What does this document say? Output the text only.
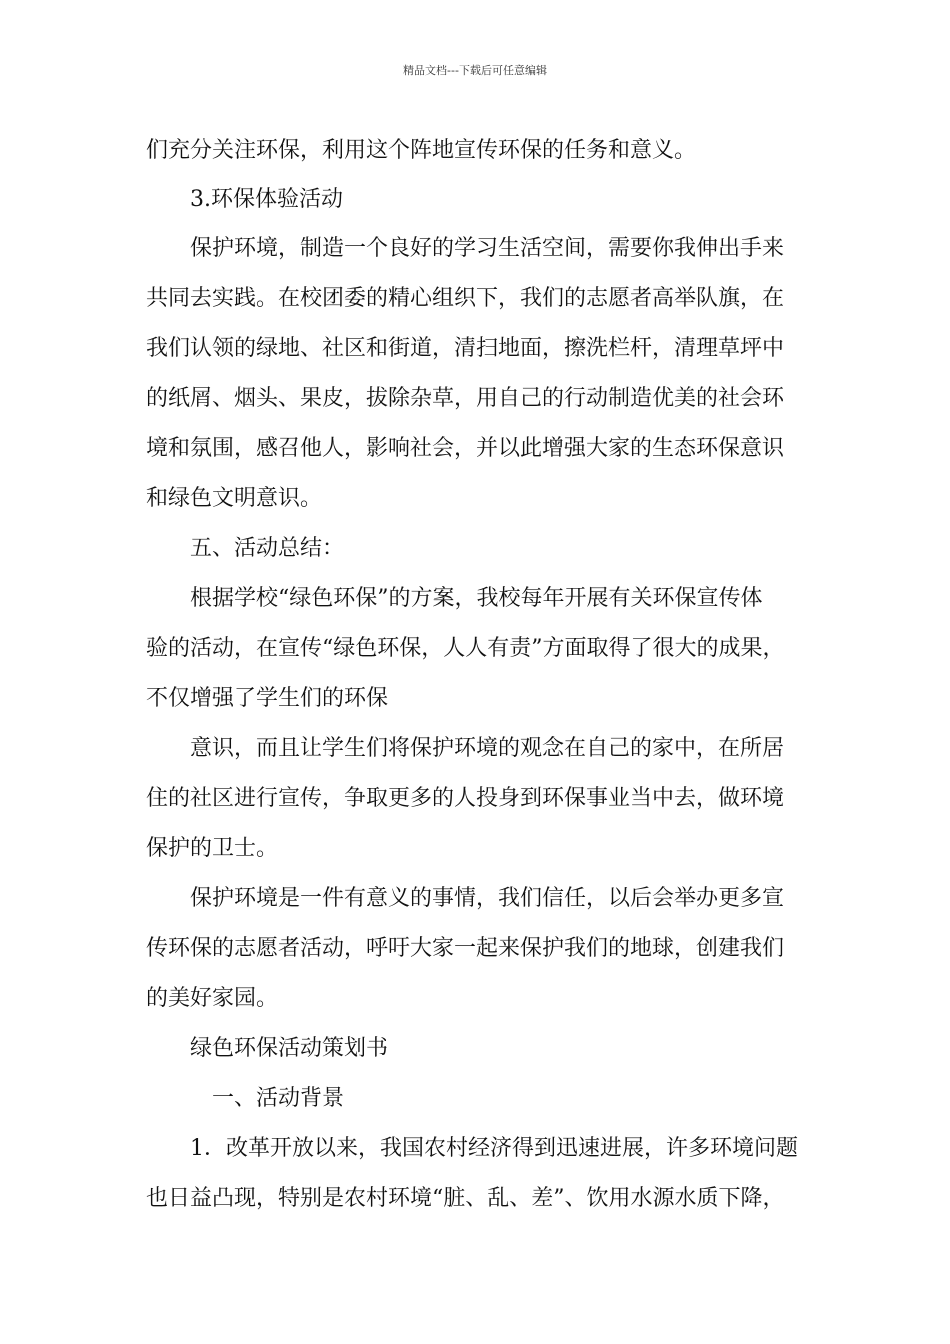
精品文档---下载后可任意编辑
们充分关注环保，利用这个阵地宣传环保的任务和意义。
3.环保体验活动
保护环境，制造一个良好的学习生活空间，需要你我伸出手来
共同去实践。在校团委的精心组织下，我们的志愿者高举队旗，在
我们认领的绿地、社区和街道，清扫地面，擦洗栏杆，清理草坪中
的纸屑、烟头、果皮，拔除杂草，用自己的行动制造优美的社会环
境和氛围，感召他人，影响社会，并以此增强大家的生态环保意识
和绿色文明意识。
五、活动总结：
根据学校“绿色环保”的方案，我校每年开展有关环保宣传体
验的活动，在宣传“绿色环保，人人有责”方面取得了很大的成果，
不仅增强了学生们的环保
意识，而且让学生们将保护环境的观念在自己的家中，在所居
住的社区进行宣传，争取更多的人投身到环保事业当中去，做环境
保护的卫士。
保护环境是一件有意义的事情，我们信任，以后会举办更多宣
传环保的志愿者活动，呼吁大家一起来保护我们的地球，创建我们
的美好家园。
绿色环保活动策划书
一、活动背景
1．改革开放以来，我国农村经济得到迅速进展，许多环境问题
也日益凸现，特别是农村环境“脏、乱、差”、饮用水源水质下降，
